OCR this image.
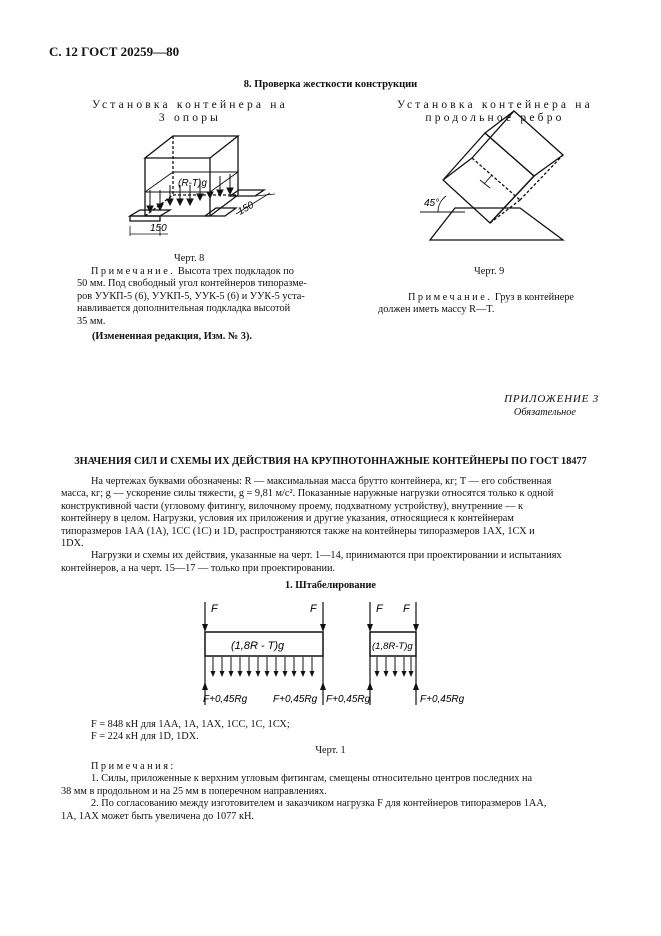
С. 12 ГОСТ 20259—80
8. Проверка жесткости конструкции
Установка контейнера на
3 опоры
Установка контейнера на
продольное ребро
(R-T)g
150
150
Черт. 8
45°
Черт. 9
Примечание. Высота трех подкладок по
50 мм. Под свободный угол контейнеров типоразме-
ров УУКП-5 (6), УУКП-5, УУК-5 (6) и УУК-5 уста-
навливается дополнительная подкладка высотой
35 мм.
Примечание. Груз в контейнере
должен иметь массу R—T.
(Измененная редакция, Изм. № 3).
ПРИЛОЖЕНИЕ 3
Обязательное
ЗНАЧЕНИЯ СИЛ И СХЕМЫ ИХ ДЕЙСТВИЯ НА КРУПНОТОННАЖНЫЕ КОНТЕЙНЕРЫ ПО ГОСТ 18477
На чертежах буквами обозначены: R — максимальная масса брутто контейнера, кг; T — его собственная
масса, кг; g — ускорение силы тяжести, g = 9,81 м/с². Показанные наружные нагрузки относятся только к одной
конструктивной части (угловому фитингу, вилочному проему, подхватному устройству), внутренние — к
контейнеру в целом. Нагрузки, условия их приложения и другие указания, относящиеся к контейнерам
типоразмеров 1АА (1А), 1СС (1С) и 1D, распространяются также на контейнеры типоразмеров 1АХ, 1СХ и
1DХ.
Нагрузки и схемы их действия, указанные на черт. 1—14, принимаются при проектировании и испытаниях
контейнеров, а на черт. 15—17 — только при проектировании.
1. Штабелирование
F	F	F F
(1,8R - T)g	(1,8R-T)g
F+0,45Rg	F+0,45Rg F+0,45Rg	F+0,45Rg
F = 848 кН для 1АА, 1А, 1АХ, 1СС, 1С, 1СХ;
F = 224 кН для 1D, 1DХ.
Черт. 1
Примечания:
1. Силы, приложенные к верхним угловым фитингам, смещены относительно центров последних на
38 мм в продольном и на 25 мм в поперечном направлениях.
2. По согласованию между изготовителем и заказчиком нагрузка F для контейнеров типоразмеров 1АА,
1А, 1АХ может быть увеличена до 1077 кН.
